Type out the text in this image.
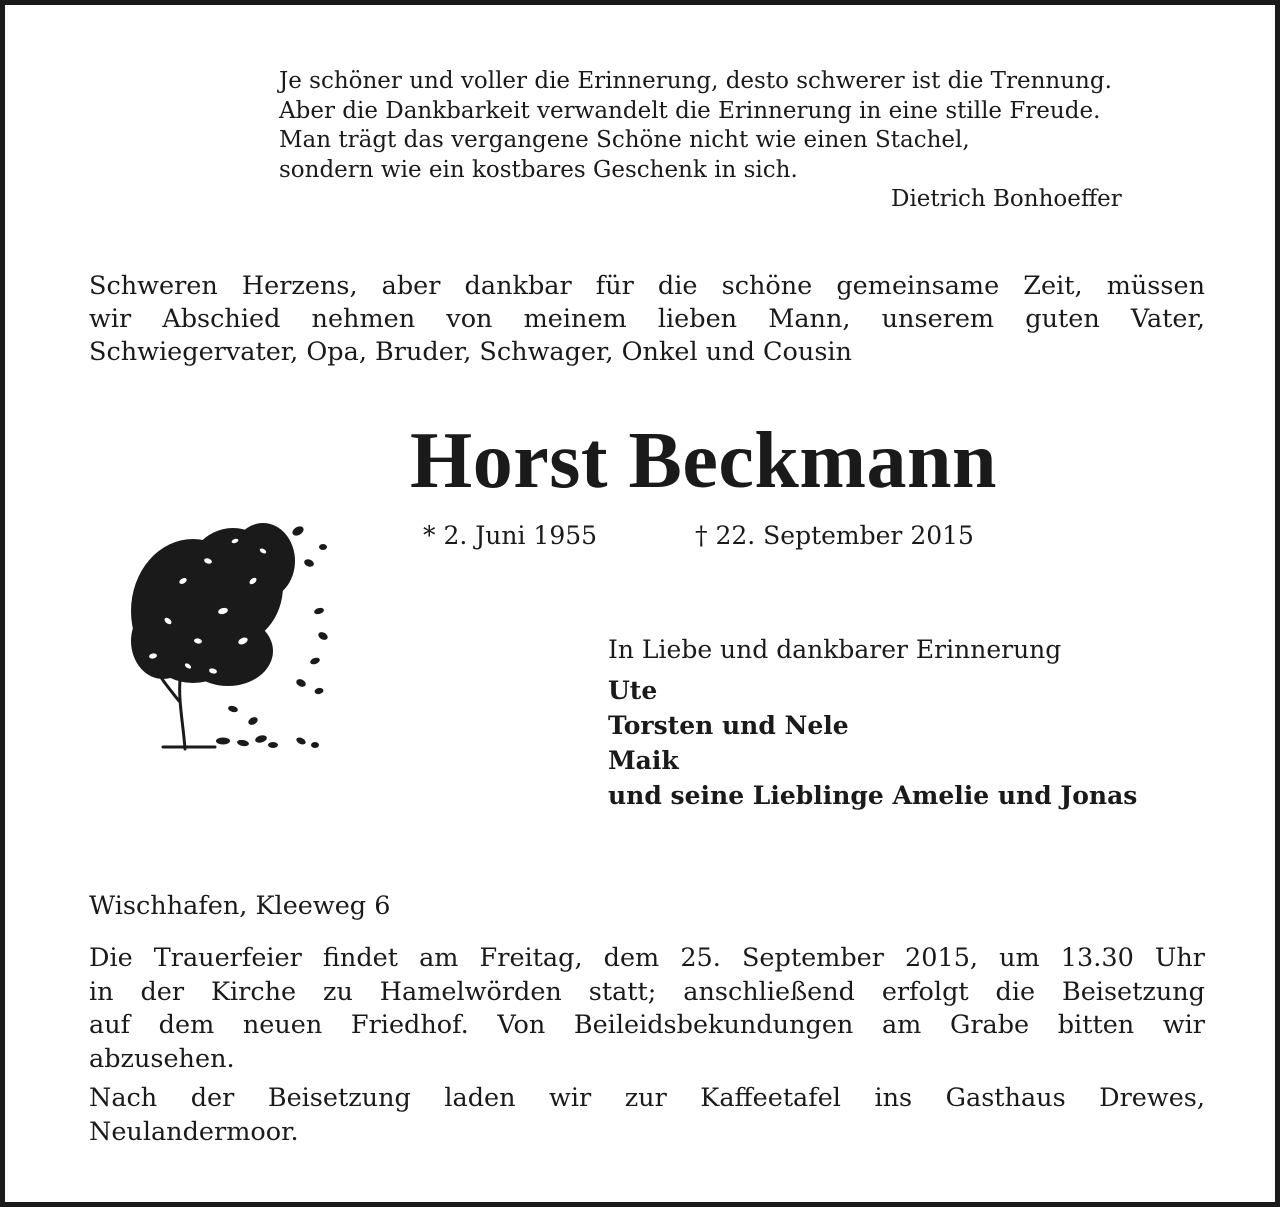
Je schöner und voller die Erinnerung, desto schwerer ist die Trennung.
Aber die Dankbarkeit verwandelt die Erinnerung in eine stille Freude.
Man trägt das vergangene Schöne nicht wie einen Stachel,
sondern wie ein kostbares Geschenk in sich.
Dietrich Bonhoeffer
Schweren Herzens, aber dankbar für die schöne gemeinsame Zeit, müssen
wir Abschied nehmen von meinem lieben Mann, unserem guten Vater,
Schwiegervater, Opa, Bruder, Schwager, Onkel und Cousin
Horst Beckmann
* 2. Juni 1955	† 22. September 2015
In Liebe und dankbarer Erinnerung
Ute
Torsten und Nele
Maik
und seine Lieblinge Amelie und Jonas
Wischhafen, Kleeweg 6
Die Trauerfeier findet am Freitag, dem 25. September 2015, um 13.30 Uhr
in der Kirche zu Hamelwörden statt; anschließend erfolgt die Beisetzung
auf dem neuen Friedhof. Von Beileidsbekundungen am Grabe bitten wir
abzusehen.
Nach der Beisetzung laden wir zur Kaffeetafel ins Gasthaus Drewes,
Neulandermoor.
